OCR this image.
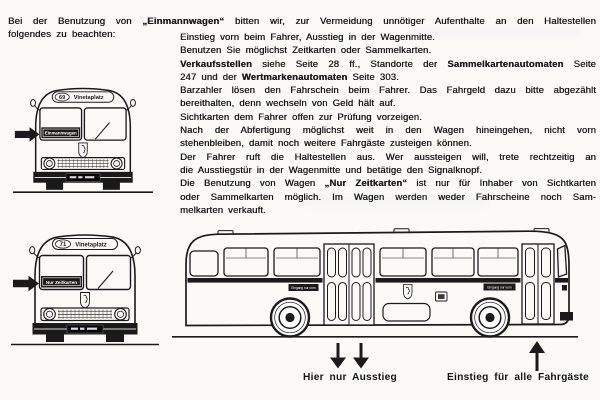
Bei der Benutzung von „Einmannwagen“ bitten wir, zur Vermeidung unnötiger Aufenthalte an den Haltestellen
folgendes zu beachten:	Einstieg vorn beim Fahrer, Ausstieg in der Wagenmitte.

Benutzen Sie möglichst Zeitkarten oder Sammelkarten.

Verkaufsstellen siehe Seite 28 ff., Standorte der Sammelkartenautomaten Seite
247 und der Wertmarkenautomaten Seite 303.

Barzahler lösen den Fahrschein beim Fahrer. Das Fahrgeld dazu bitte abgezählt
bereithalten, denn wechseln von Geld hält auf.

Sichtkarten dem Fahrer offen zur Prüfung vorzeigen.

Nach der Abfertigung möglichst weit in den Wagen hineingehen, nicht vorn
stehenbleiben, damit noch weitere Fahrgäste zusteigen können.

Der Fahrer ruft die Haltestellen aus. Wer aussteigen will, trete rechtzeitig an
die Ausstiegstür in der Wagenmitte und betätige den Signalknopf.

Die Benutzung von Wagen „Nur Zeitkarten“ ist nur für Inhaber von Sichtkarten
oder Sammelkarten möglich. Im Wagen werden weder Fahrscheine noch Sam-
melkarten verkauft.

69 Vinetaplatz
Einmannwagen
71 Vinetaplatz
Nur Zeitkarten
Eingang nur vorn	Eingang nur vorn
Hier nur Ausstieg	Einstieg für alle Fahrgäste
